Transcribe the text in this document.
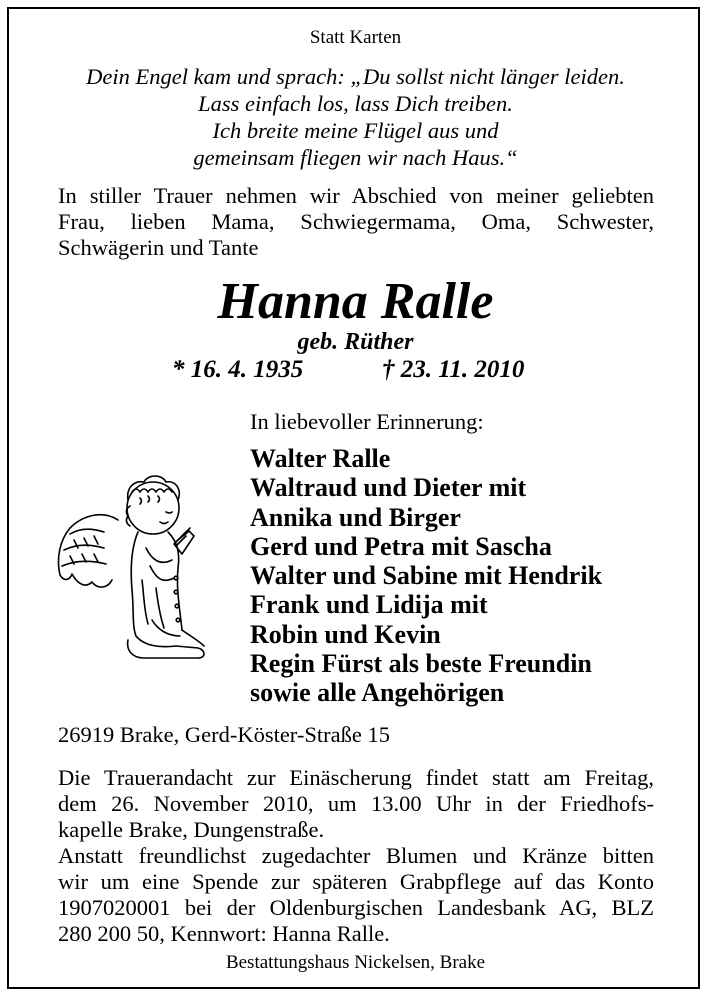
Statt Karten
Dein Engel kam und sprach: „Du sollst nicht länger leiden.
Lass einfach los, lass Dich treiben.
Ich breite meine Flügel aus und
gemeinsam fliegen wir nach Haus.“
In stiller Trauer nehmen wir Abschied von meiner geliebten
Frau, lieben Mama, Schwiegermama, Oma, Schwester,
Schwägerin und Tante
Hanna Ralle
geb. Rüther
* 16. 4. 1935	† 23. 11. 2010
In liebevoller Erinnerung:
Walter Ralle
Waltraud und Dieter mit
Annika und Birger
Gerd und Petra mit Sascha
Walter und Sabine mit Hendrik
Frank und Lidija mit
Robin und Kevin
Regin Fürst als beste Freundin
sowie alle Angehörigen
26919 Brake, Gerd-Köster-Straße 15
Die Trauerandacht zur Einäscherung findet statt am Freitag,
dem 26. November 2010, um 13.00 Uhr in der Friedhofs-
kapelle Brake, Dungenstraße.
Anstatt freundlichst zugedachter Blumen und Kränze bitten
wir um eine Spende zur späteren Grabpflege auf das Konto
1907020001 bei der Oldenburgischen Landesbank AG, BLZ
280 200 50, Kennwort: Hanna Ralle.
Bestattungshaus Nickelsen, Brake
